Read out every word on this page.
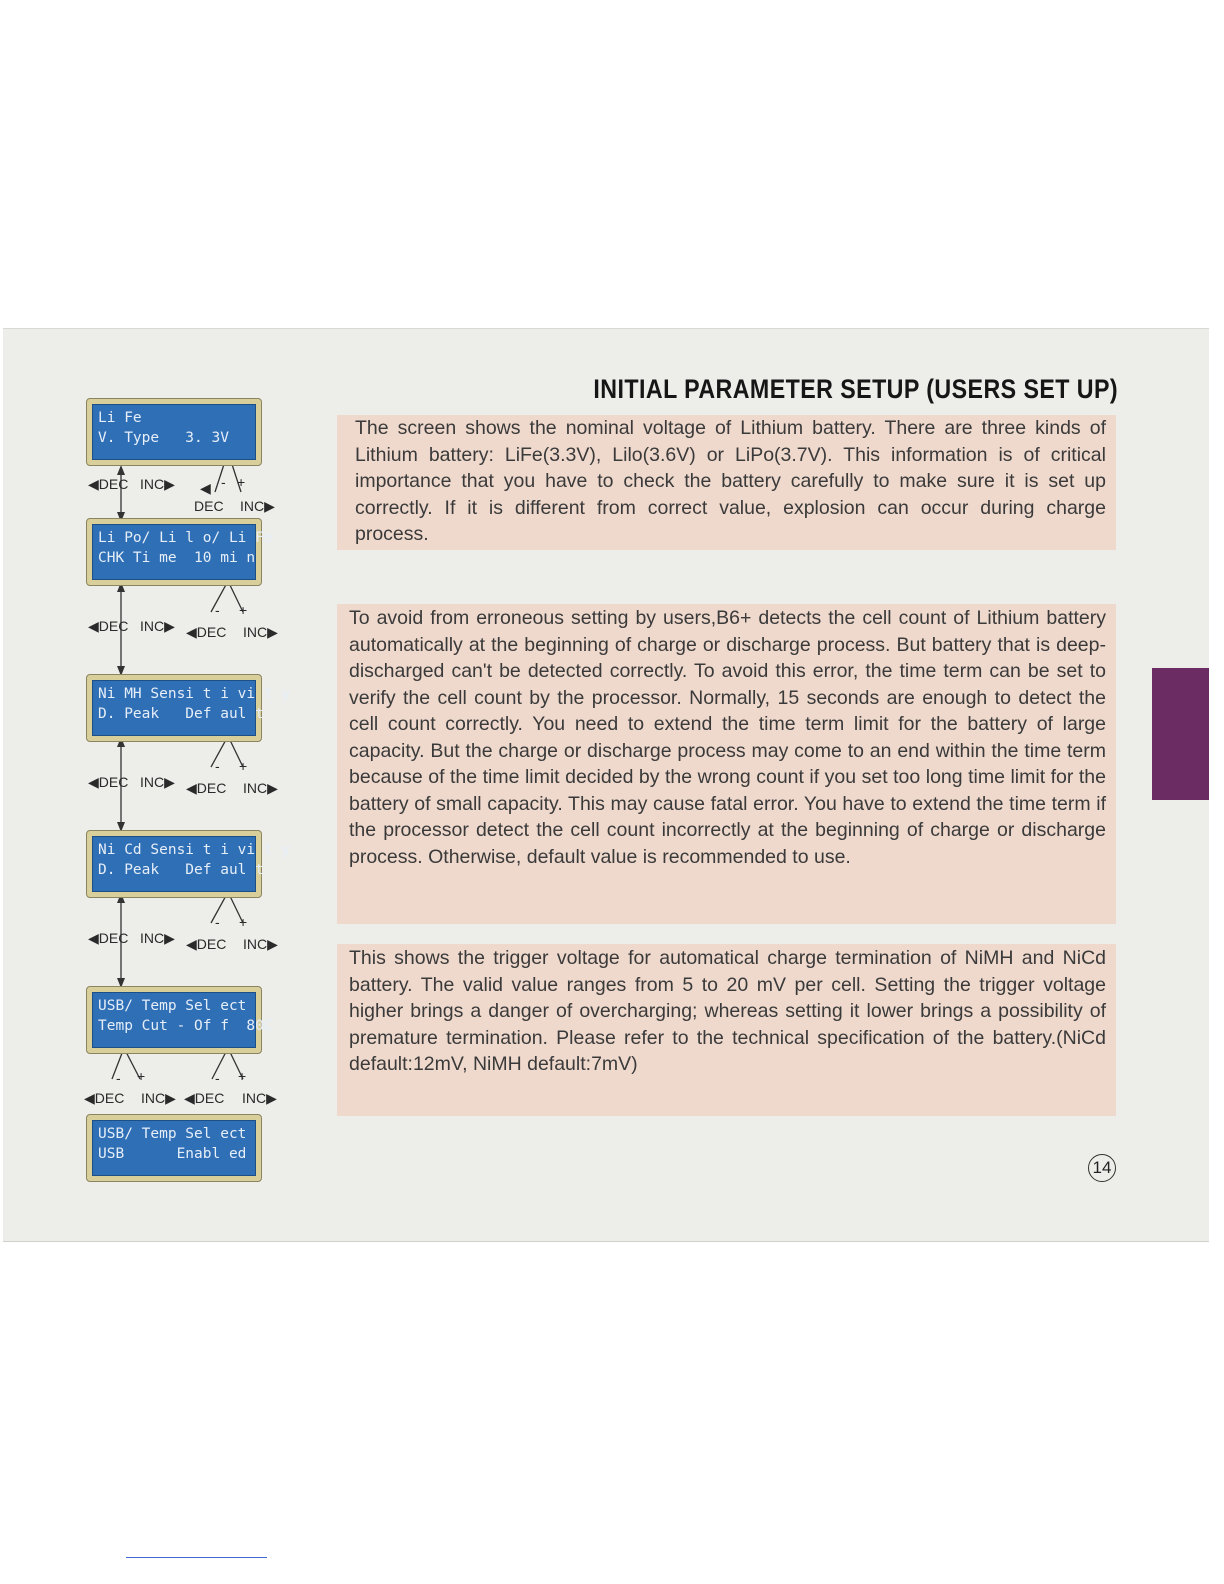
INITIAL PARAMETER SETUP (USERS SET UP)
The screen shows the nominal voltage of Lithium battery. There are three kinds of Lithium battery: LiFe(3.3V), Lilo(3.6V) or LiPo(3.7V). This information is of critical importance that you have to check the battery carefully to make sure it is set up correctly. If it is different from correct value, explosion can occur during charge process.
To avoid from erroneous setting by users,B6+ detects the cell count of Lithium battery automatically at the beginning of charge or discharge process. But battery that is deep-discharged can't be detected correctly. To avoid this error, the time term can be set to verify the cell count by the processor. Normally, 15 seconds are enough to detect the cell count correctly. You need to extend the time term limit for the battery of large capacity. But the charge or discharge process may come to an end within the time term because of the time limit decided by the wrong count if you set too long time limit for the battery of small capacity. This may cause fatal error. You have to extend the time term if the processor detect the cell count incorrectly at the beginning of charge or discharge process. Otherwise, default value is recommended to use.
This shows the trigger voltage for automatical charge termination of NiMH and NiCd battery. The valid value ranges from 5 to 20 mV per cell. Setting the trigger voltage higher brings a danger of overcharging; whereas setting it lower brings a possibility of premature termination. Please refer to the technical specification of the battery.(NiCd default:12mV, NiMH default:7mV)
Li Fe
V. Type   3. 3V
Li Po/ Li l o/ Li Fe
CHK Ti me  10 mi n
Ni MH Sensi t i vi t y
D. Peak   Def aul t
Ni Cd Sensi t i vi t y
D. Peak   Def aul t
USB/ Temp Sel ect
Temp Cut - Of f  80C
USB/ Temp Sel ect
USB      Enabl ed
◀DEC INC▶ ◀ - +
DEC INC▶
◀DEC INC▶ ◀DEC INC▶
- +
◀DEC INC▶ ◀DEC INC▶
- +
◀DEC INC▶ ◀DEC INC▶
- +
- +	- +
◀DEC INC▶ ◀DEC INC▶
14
